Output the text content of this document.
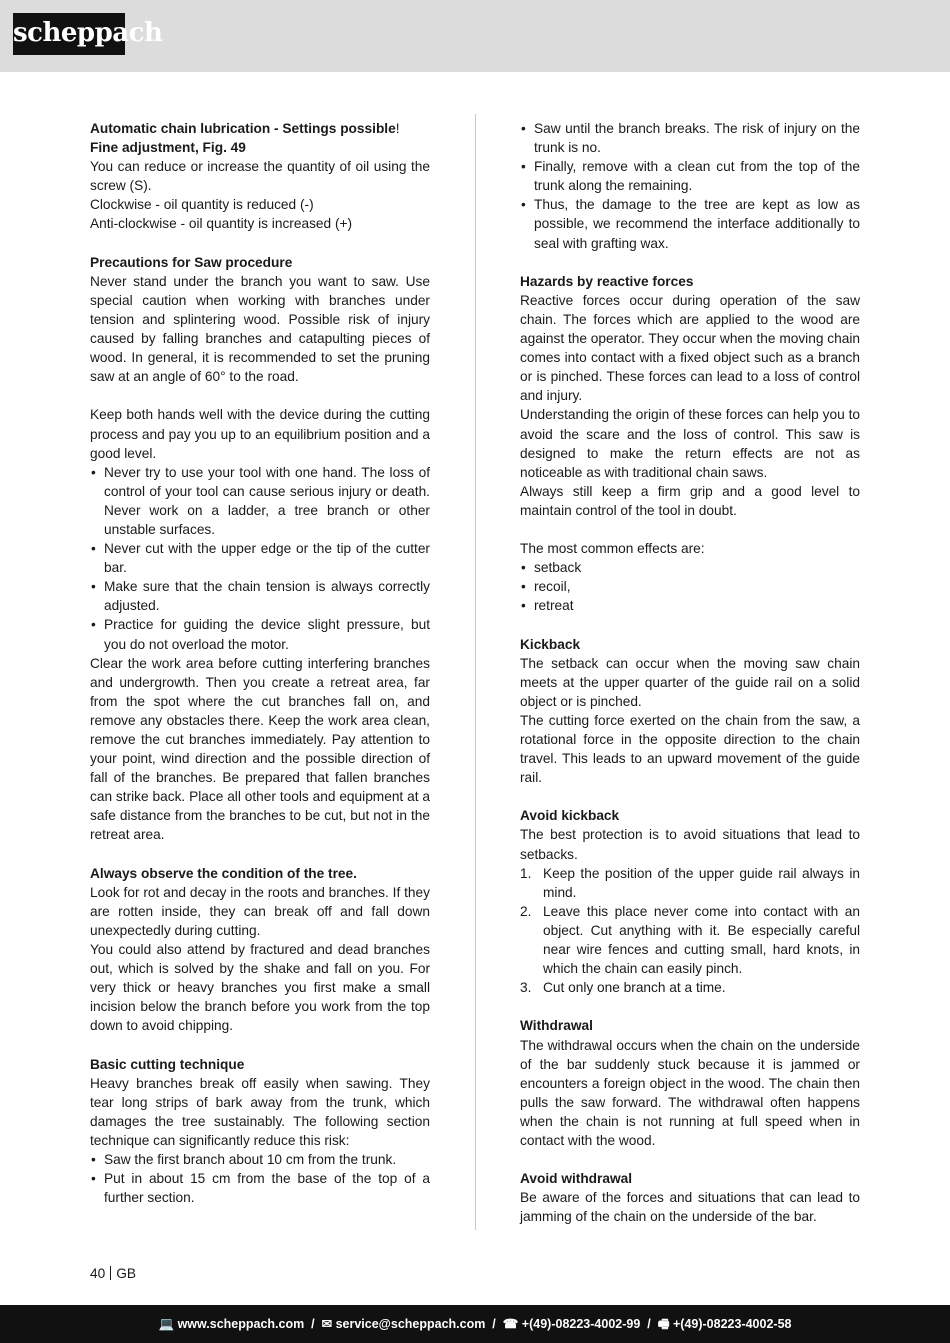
scheppach

Automatic chain lubrication - Settings possible!

Fine adjustment, Fig. 49

You can reduce or increase the quantity of oil using the screw (S).

Clockwise - oil quantity is reduced (-)

Anti-clockwise - oil quantity is increased (+)

Precautions for Saw procedure

Never stand under the branch you want to saw. Use special caution when working with branches under tension and splintering wood. Possible risk of injury caused by falling branches and catapulting pieces of wood. In general, it is recommended to set the pruning saw at an angle of 60° to the road.

Keep both hands well with the device during the cutting process and pay you up to an equilibrium position and a good level.

• Never try to use your tool with one hand. The loss of control of your tool can cause serious injury or death. Never work on a ladder, a tree branch or other unstable surfaces.
• Never cut with the upper edge or the tip of the cutter bar.
• Make sure that the chain tension is always correctly adjusted.
• Practice for guiding the device slight pressure, but you do not overload the motor.

Clear the work area before cutting interfering branches and undergrowth. Then you create a retreat area, far from the spot where the cut branches fall on, and remove any obstacles there. Keep the work area clean, remove the cut branches immediately. Pay attention to your point, wind direction and the possible direction of fall of the branches. Be prepared that fallen branches can strike back. Place all other tools and equipment at a safe distance from the branches to be cut, but not in the retreat area.

Always observe the condition of the tree.

Look for rot and decay in the roots and branches. If they are rotten inside, they can break off and fall down unexpectedly during cutting.

You could also attend by fractured and dead branches out, which is solved by the shake and fall on you. For very thick or heavy branches you first make a small incision below the branch before you work from the top down to avoid chipping.

Basic cutting technique

Heavy branches break off easily when sawing. They tear long strips of bark away from the trunk, which damages the tree sustainably. The following section technique can significantly reduce this risk:

• Saw the first branch about 10 cm from the trunk.
• Put in about 15 cm from the base of the top of a further section.
• Saw until the branch breaks. The risk of injury on the trunk is no.
• Finally, remove with a clean cut from the top of the trunk along the remaining.
• Thus, the damage to the tree are kept as low as possible, we recommend the interface additionally to seal with grafting wax.

Hazards by reactive forces

Reactive forces occur during operation of the saw chain. The forces which are applied to the wood are against the operator. They occur when the moving chain comes into contact with a fixed object such as a branch or is pinched. These forces can lead to a loss of control and injury.

Understanding the origin of these forces can help you to avoid the scare and the loss of control. This saw is designed to make the return effects are not as noticeable as with traditional chain saws.

Always still keep a firm grip and a good level to maintain control of the tool in doubt.

The most common effects are:

• setback
• recoil,
• retreat

Kickback

The setback can occur when the moving saw chain meets at the upper quarter of the guide rail on a solid object or is pinched.

The cutting force exerted on the chain from the saw, a rotational force in the opposite direction to the chain travel. This leads to an upward movement of the guide rail.

Avoid kickback

The best protection is to avoid situations that lead to setbacks.

1. Keep the position of the upper guide rail always in mind.
2. Leave this place never come into contact with an object. Cut anything with it. Be especially careful near wire fences and cutting small, hard knots, in which the chain can easily pinch.
3. Cut only one branch at a time.

Withdrawal

The withdrawal occurs when the chain on the underside of the bar suddenly stuck because it is jammed or encounters a foreign object in the wood. The chain then pulls the saw forward. The withdrawal often happens when the chain is not running at full speed when in contact with the wood.

Avoid withdrawal

Be aware of the forces and situations that can lead to jamming of the chain on the underside of the bar.

40 GB
💻 www.scheppach.com  /  ✉ service@scheppach.com  /  ☎ +(49)-08223-4002-99  /  🖷 +(49)-08223-4002-58
